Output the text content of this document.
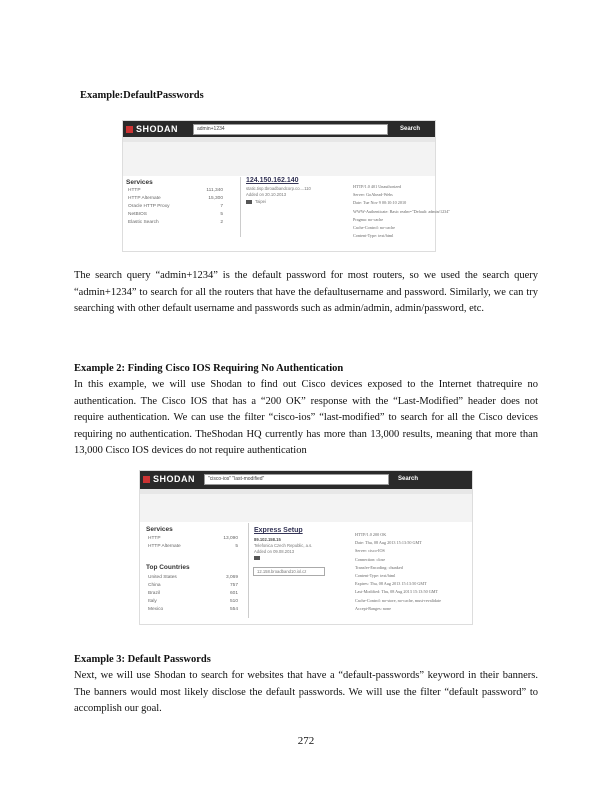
Example:DefaultPasswords
SHODAN	admin+1234	Search
Services
HTTP	111,340
HTTP Alternate	15,300
Oracle HTTP Proxy	7
NetBIOS	5
Elastic Search	2
124.150.162.140
static.tisp.tbroadbandcorp.co....110
Added on 20.10.2013
Taipei
HTTP/1.0 401 Unauthorized
Server: GoAhead-Webs
Date: Tue Nov 9 00:10:10 2010
WWW-Authenticate: Basic realm="Default: admin/1234"
Pragma: no-cache
Cache-Control: no-cache
Content-Type: text/html
The search query “admin+1234” is the default password for most routers, so we used the search query “admin+1234” to search for all the routers that have the defaultusername and password. Similarly, we can try searching with other default username and passwords such as admin/admin, admin/password, etc.
Example 2: Finding Cisco IOS Requiring No Authentication
In this example, we will use Shodan to find out Cisco devices exposed to the Internet thatrequire no authentication. The Cisco IOS that has a “200 OK” response with the “Last-Modified” header does not require authentication. We can use the filter “cisco-ios” “last-modified” to search for all the Cisco devices requiring no authentication. TheShodan HQ currently has more than 13,000 results, meaning that more than 13,000 Cisco IOS devices do not require authentication
SHODAN	"cisco-ios" "last-modified"	Search
Services
HTTP	13,090
HTTP Alternate	5
Top Countries
United States	3,069
China	757
Brazil	601
Italy	510
Mexico	554
Express Setup
89.102.158.15
Telefonica Czech Republic, a.s.
Added on 09.08.2013
12.158.broadband10.iol.cz
HTTP/1.0 200 OK
Date: Thu, 08 Aug 2013 15:13:50 GMT
Server: cisco-IOS
Connection: close
Transfer-Encoding: chunked
Content-Type: text/html
Expires: Thu, 08 Aug 2013 15:13:50 GMT
Last-Modified: Thu, 08 Aug 2013 15:13:50 GMT
Cache-Control: no-store, no-cache, must-revalidate
Accept-Ranges: none
Example 3: Default Passwords
Next, we will use Shodan to search for websites that have a “default-passwords” keyword in their banners. The banners would most likely disclose the default passwords. We will use the filter “default password” to accomplish our goal.
272
